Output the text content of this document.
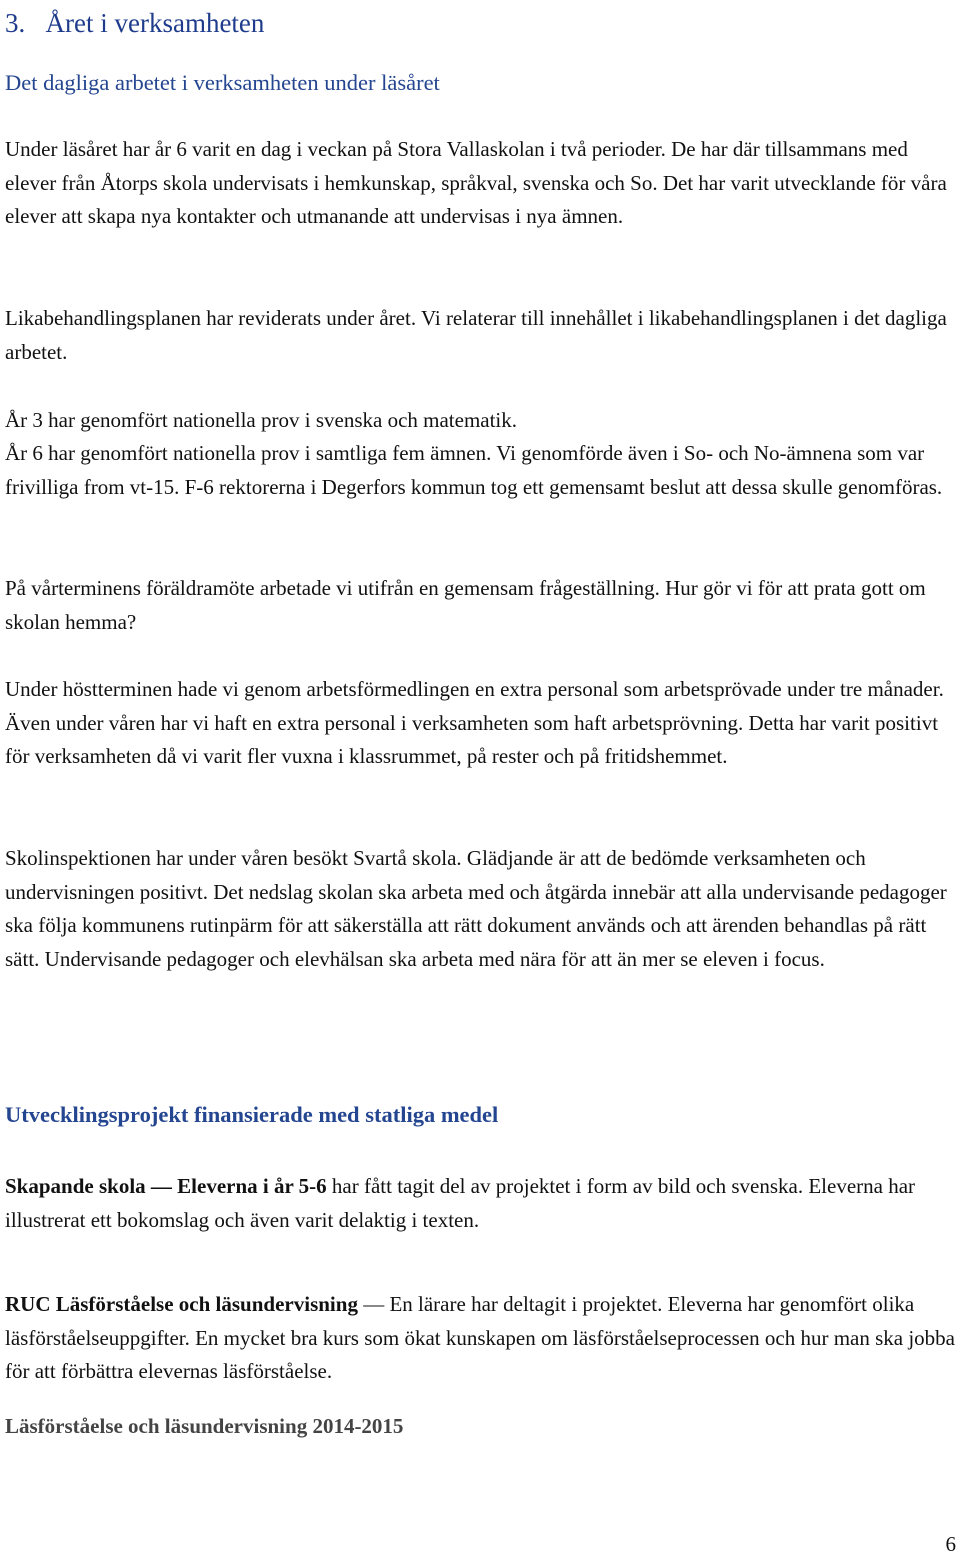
3. Året i verksamheten
Det dagliga arbetet i verksamheten under läsåret

Under läsåret har år 6 varit en dag i veckan på Stora Vallaskolan i två perioder. De har där tillsammans med elever från Åtorps skola undervisats i hemkunskap, språkval, svenska och So. Det har varit utvecklande för våra elever att skapa nya kontakter och utmanande att undervisas i nya ämnen.

Likabehandlingsplanen har reviderats under året. Vi relaterar till innehållet i likabehandlingsplanen i det dagliga arbetet.

År 3 har genomfört nationella prov i svenska och matematik.

År 6 har genomfört nationella prov i samtliga fem ämnen. Vi genomförde även i So- och No-ämnena som var frivilliga from vt-15. F-6 rektorerna i Degerfors kommun tog ett gemensamt beslut att dessa skulle genomföras.

På vårterminens föräldramöte arbetade vi utifrån en gemensam frågeställning. Hur gör vi för att prata gott om skolan hemma?

Under höstterminen hade vi genom arbetsförmedlingen en extra personal som arbetsprövade under tre månader. Även under våren har vi haft en extra personal i verksamheten som haft arbetsprövning. Detta har varit positivt för verksamheten då vi varit fler vuxna i klassrummet, på rester och på fritidshemmet.

Skolinspektionen har under våren besökt Svartå skola. Glädjande är att de bedömde verksamheten och undervisningen positivt. Det nedslag skolan ska arbeta med och åtgärda innebär att alla undervisande pedagoger ska följa kommunens rutinpärm för att säkerställa att rätt dokument används och att ärenden behandlas på rätt sätt. Undervisande pedagoger och elevhälsan ska arbeta med nära för att än mer se eleven i focus.

Utvecklingsprojekt finansierade med statliga medel

Skapande skola — Eleverna i år 5-6 har fått tagit del av projektet i form av bild och svenska. Eleverna har illustrerat ett bokomslag och även varit delaktig i texten.

RUC Läsförståelse och läsundervisning — En lärare har deltagit i projektet. Eleverna har genomfört olika läsförståelseuppgifter. En mycket bra kurs som ökat kunskapen om läsförståelseprocessen och hur man ska jobba för att förbättra elevernas läsförståelse.

Läsförståelse och läsundervisning 2014-2015

6
